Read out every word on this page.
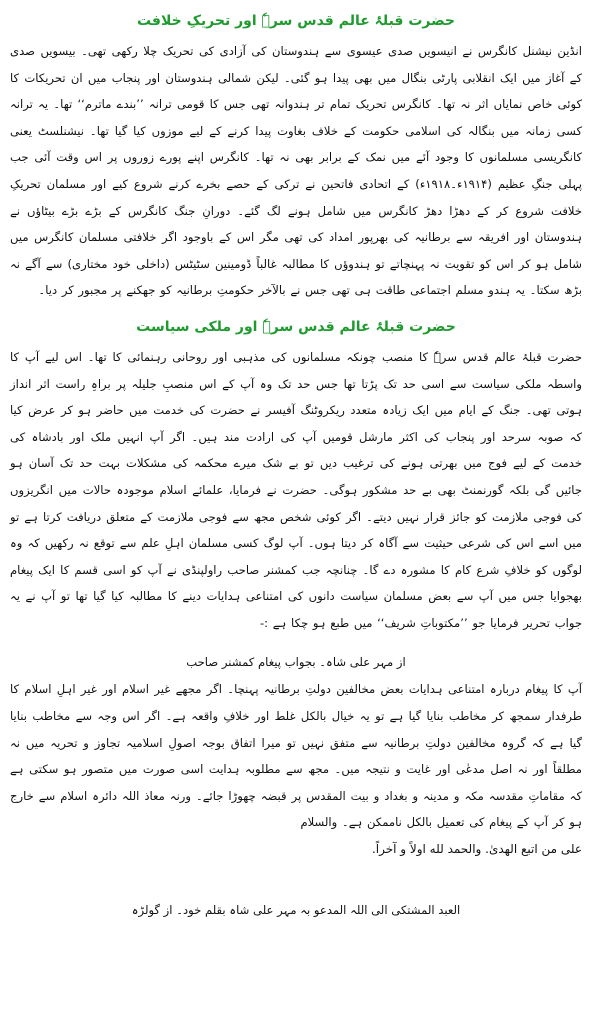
حضرت قبلۂ عالم قدس سرہٗ اور تحریکِ خلافت

انڈین نیشنل کانگرس نے انیسویں صدی عیسوی سے ہندوستان کی آزادی کی تحریک چلا رکھی تھی۔ بیسویں صدی کے آغاز میں ایک انقلابی پارٹی بنگال میں بھی پیدا ہو گئی۔ لیکن شمالی ہندوستان اور پنجاب میں ان تحریکات کا کوئی خاص نمایاں اثر نہ تھا۔ کانگرس تحریک تمام تر ہندوانہ تھی جس کا قومی ترانہ ’’بندے ماترم‘‘ تھا۔ یہ ترانہ کسی زمانہ میں بنگالہ کی اسلامی حکومت کے خلاف بغاوت پیدا کرنے کے لیے موزوں کیا گیا تھا۔ نیشنلسٹ یعنی کانگریسی مسلمانوں کا وجود آئے میں نمک کے برابر بھی نہ تھا۔ کانگرس اپنے پورے زوروں پر اس وقت آئی جب پہلی جنگِ عظیم (۱۹۱۴ء۔۱۹۱۸ء) کے اتحادی فاتحین نے ترکی کے حصے بخرے کرنے شروع کیے اور مسلمان تحریکِ خلافت شروع کر کے دھڑا دھڑ کانگرس میں شامل ہونے لگ گئے۔ دورانِ جنگ کانگرس کے بڑے بڑے بیٹاؤں نے ہندوستان اور افریقہ سے برطانیہ کی بھرپور امداد کی تھی مگر اس کے باوجود اگر خلافتی مسلمان کانگرس میں شامل ہو کر اس کو تقویت نہ پہنچاتے تو ہندوؤں کا مطالبہ غالباً ڈومینین سٹیٹس (داخلی خود مختاری) سے آگے نہ بڑھ سکتا۔ یہ ہندو مسلم اجتماعی طاقت ہی تھی جس نے بالآخر حکومتِ برطانیہ کو جھکنے پر مجبور کر دیا۔

حضرت قبلۂ عالم قدس سرہٗ اور ملکی سیاست

حضرت قبلۂ عالم قدس سرہٗ کا منصب چونکہ مسلمانوں کی مذہبی اور روحانی رہنمائی کا تھا۔ اس لیے آپ کا واسطہ ملکی سیاست سے اسی حد تک پڑتا تھا جس حد تک وہ آپ کے اس منصبِ جلیلہ پر براہِ راست اثر انداز ہوتی تھی۔ جنگ کے ایام میں ایک زیادہ متعدد ریکروٹنگ آفیسر نے حضرت کی خدمت میں حاضر ہو کر عرض کیا کہ صوبہ سرحد اور پنجاب کی اکثر مارشل قومیں آپ کی ارادت مند ہیں۔ اگر آپ انہیں ملک اور بادشاہ کی خدمت کے لیے فوج میں بھرتی ہونے کی ترغیب دیں تو بے شک میرے محکمہ کی مشکلات بہت حد تک آسان ہو جائیں گی بلکہ گورنمنٹ بھی بے حد مشکور ہوگی۔ حضرت نے فرمایا، علمائے اسلام موجودہ حالات میں انگریزوں کی فوجی ملازمت کو جائز قرار نہیں دیتے۔ اگر کوئی شخص مجھ سے فوجی ملازمت کے متعلق دریافت کرتا ہے تو میں اسے اس کی شرعی حیثیت سے آگاہ کر دیتا ہوں۔ آپ لوگ کسی مسلمان اہلِ علم سے توقع نہ رکھیں کہ وہ لوگوں کو خلافِ شرع کام کا مشورہ دے گا۔ چنانچہ جب کمشنر صاحب راولپنڈی نے آپ کو اسی قسم کا ایک پیغام بھجوایا جس میں آپ سے بعض مسلمان سیاست دانوں کی امتناعی ہدایات دینے کا مطالبہ کیا گیا تھا تو آپ نے یہ جواب تحریر فرمایا جو ’’مکتوباتِ شریف‘‘ میں طبع ہو چکا ہے :-

از مہر علی شاہ۔ بجواب پیغام کمشنر صاحب

آپ کا پیغام دربارہ امتناعی ہدایات بعض مخالفین دولتِ برطانیہ پہنچا۔ اگر مجھے غیر اسلام اور غیر اہلِ اسلام کا طرفدار سمجھ کر مخاطب بنایا گیا ہے تو یہ خیال بالکل غلط اور خلافِ واقعہ ہے۔ اگر اس وجہ سے مخاطب بنایا گیا ہے کہ گروہ مخالفین دولتِ برطانیہ سے متفق نہیں تو میرا اتفاق بوجہ اصولِ اسلامیہ تجاوز و تحریہ میں نہ مطلقاً اور نہ اصل مدعٰی اور غایت و نتیجہ میں۔ مجھ سے مطلوبہ ہدایت اسی صورت میں متصور ہو سکتی ہے کہ مقاماتِ مقدسہ مکہ و مدینہ و بغداد و بیت المقدس پر قبضہ چھوڑا جائے۔ ورنہ معاذ اللہ دائرہ اسلام سے خارج ہو کر آپ کے پیغام کی تعمیل بالکل ناممکن ہے۔ والسلام

علی من اتبع الهدیٰ. والحمد لله اولاً و آخراً.

العبد المشتکی الی اللہ المدعو بہ مہر علی شاہ بقلم خود۔ از گولڑہ
